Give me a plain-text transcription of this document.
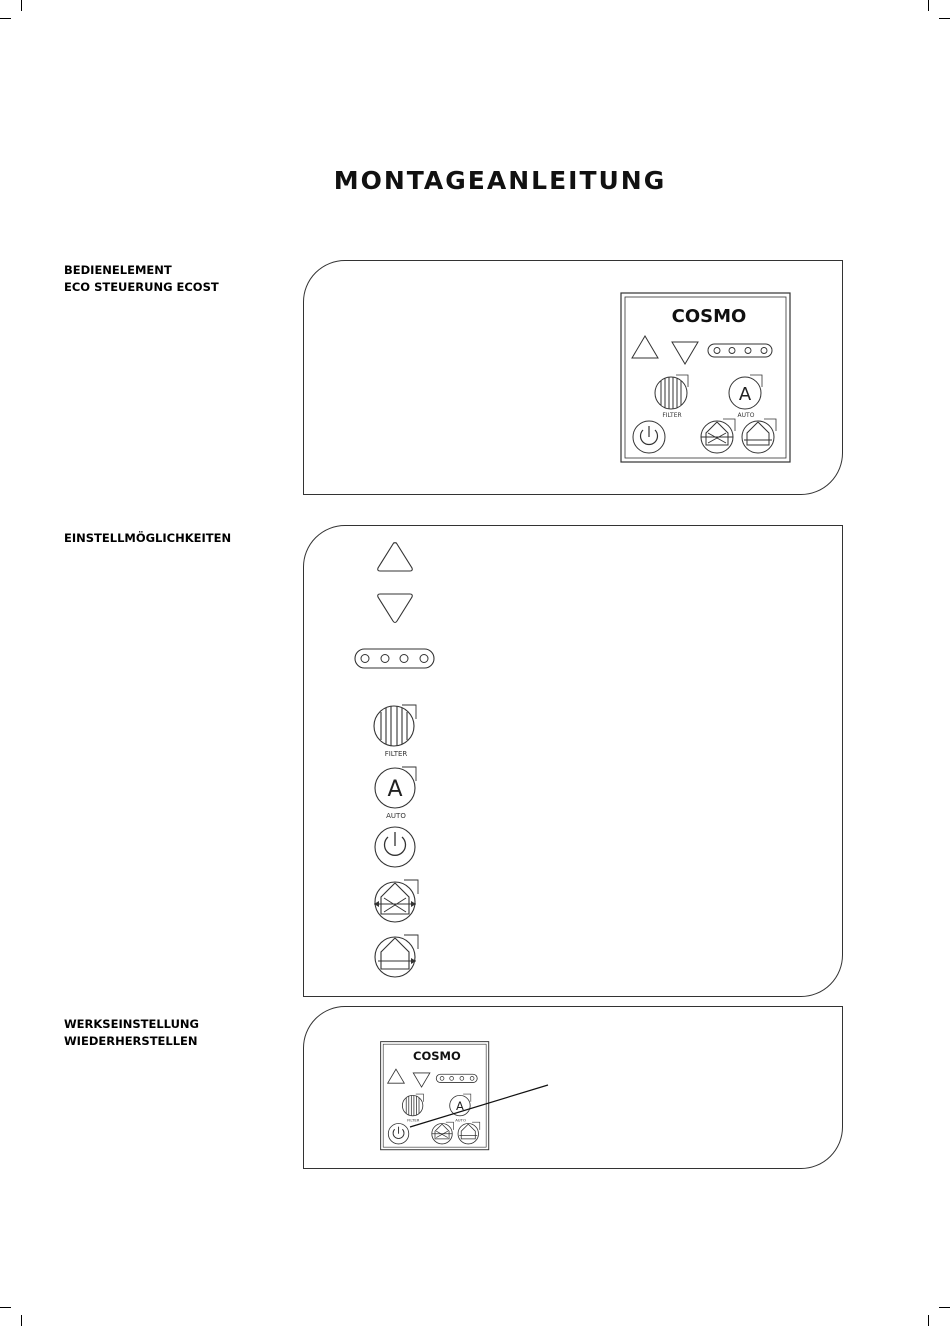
MONTAGEANLEITUNG
BEDIENELEMENT
ECO STEUERUNG ECOST
EINSTELLMÖGLICHKEITEN
WERKSEINSTELLUNG
WIEDERHERSTELLEN
COSMO
FILTER
A
AUTO
FILTER
A
AUTO
COSMO
FILTER
A
AUTO
